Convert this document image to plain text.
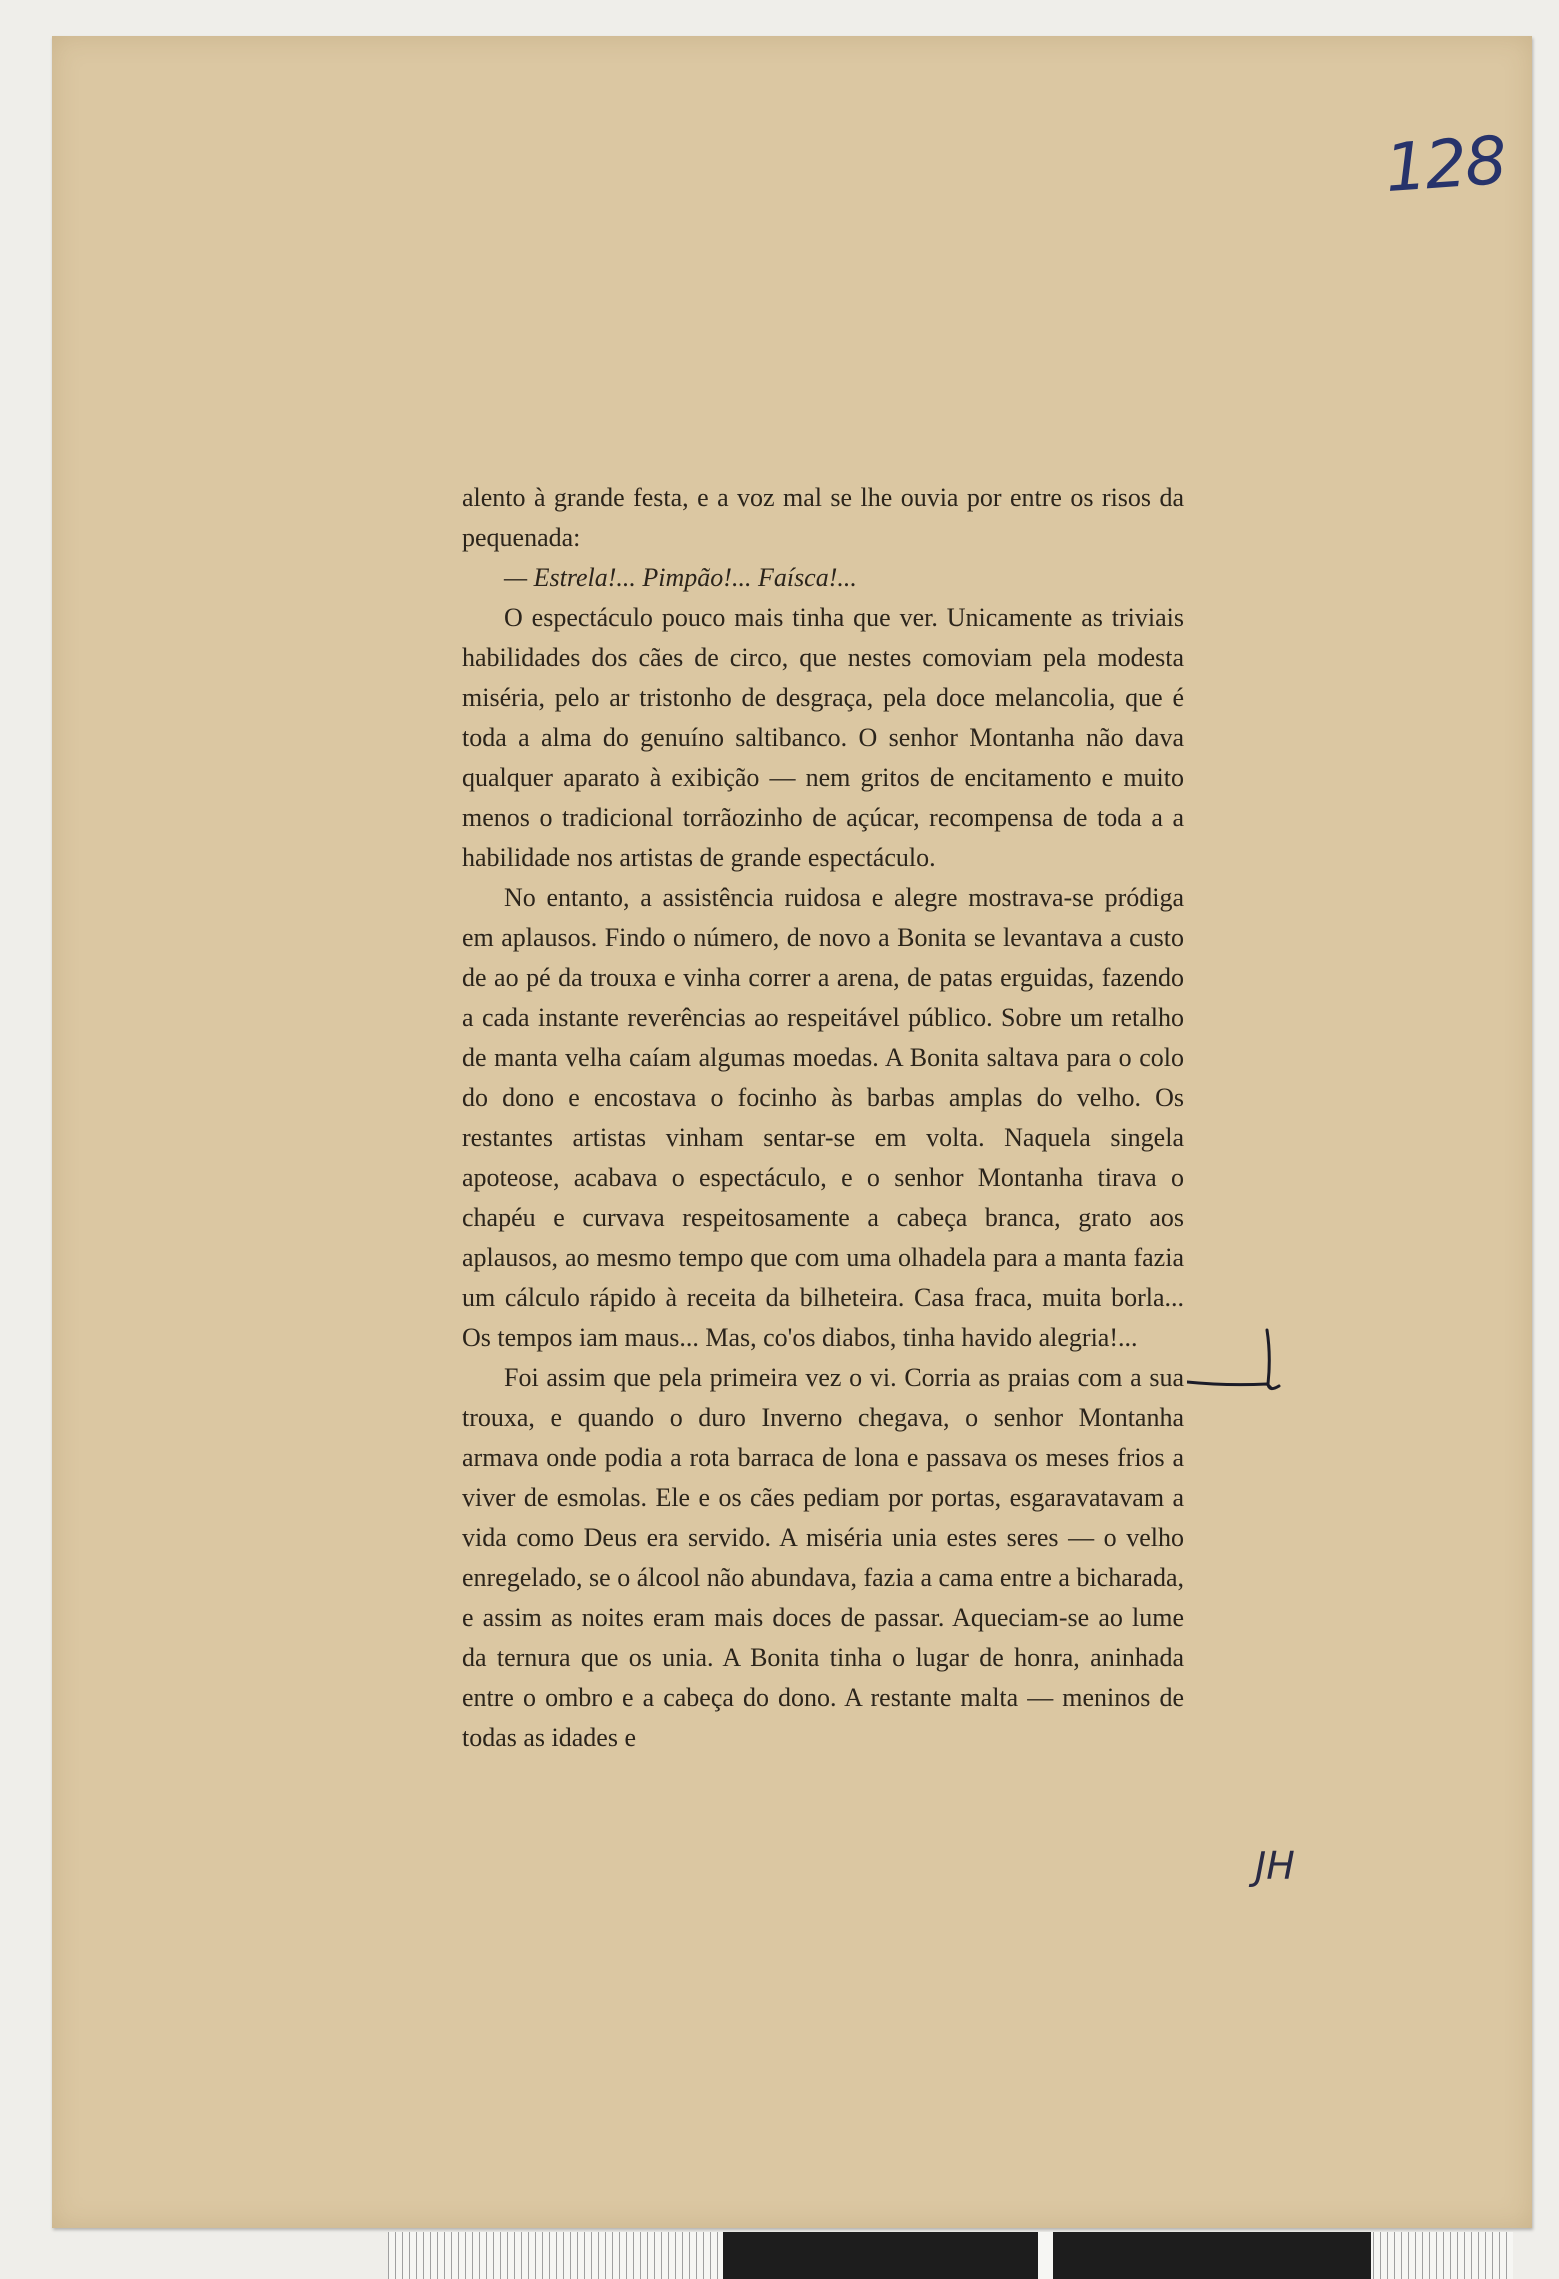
128

alento à grande festa, e a voz mal se lhe ouvia por entre os risos da pequenada:

— Estrela!... Pimpão!... Faísca!...

O espectáculo pouco mais tinha que ver. Unicamente as triviais habilidades dos cães de circo, que nestes comoviam pela modesta miséria, pelo ar tristonho de desgraça, pela doce melancolia, que é toda a alma do genuíno saltibanco. O senhor Montanha não dava qualquer aparato à exibição — nem gritos de encitamento e muito menos o tradicional torrãozinho de açúcar, recompensa de toda a a habilidade nos artistas de grande espectáculo.

No entanto, a assistência ruidosa e alegre mostrava-se pródiga em aplausos. Findo o número, de novo a Bonita se levantava a custo de ao pé da trouxa e vinha correr a arena, de patas erguidas, fazendo a cada instante reverências ao respeitável público. Sobre um retalho de manta velha caíam algumas moedas. A Bonita saltava para o colo do dono e encostava o focinho às barbas amplas do velho. Os restantes artistas vinham sentar-se em volta. Naquela singela apoteose, acabava o espectáculo, e o senhor Montanha tirava o chapéu e curvava respeitosamente a cabeça branca, grato aos aplausos, ao mesmo tempo que com uma olhadela para a manta fazia um cálculo rápido à receita da bilheteira. Casa fraca, muita borla... Os tempos iam maus... Mas, co'os diabos, tinha havido alegria!...

Foi assim que pela primeira vez o vi. Corria as praias com a sua trouxa, e quando o duro Inverno chegava, o senhor Montanha armava onde podia a rota barraca de lona e passava os meses frios a viver de esmolas. Ele e os cães pediam por portas, esgaravatavam a vida como Deus era servido. A miséria unia estes seres — o velho enregelado, se o álcool não abundava, fazia a cama entre a bicharada, e assim as noites eram mais doces de passar. Aqueciam-se ao lume da ternura que os unia. A Bonita tinha o lugar de honra, aninhada entre o ombro e a cabeça do dono. A restante malta — meninos de todas as idades e

JH
